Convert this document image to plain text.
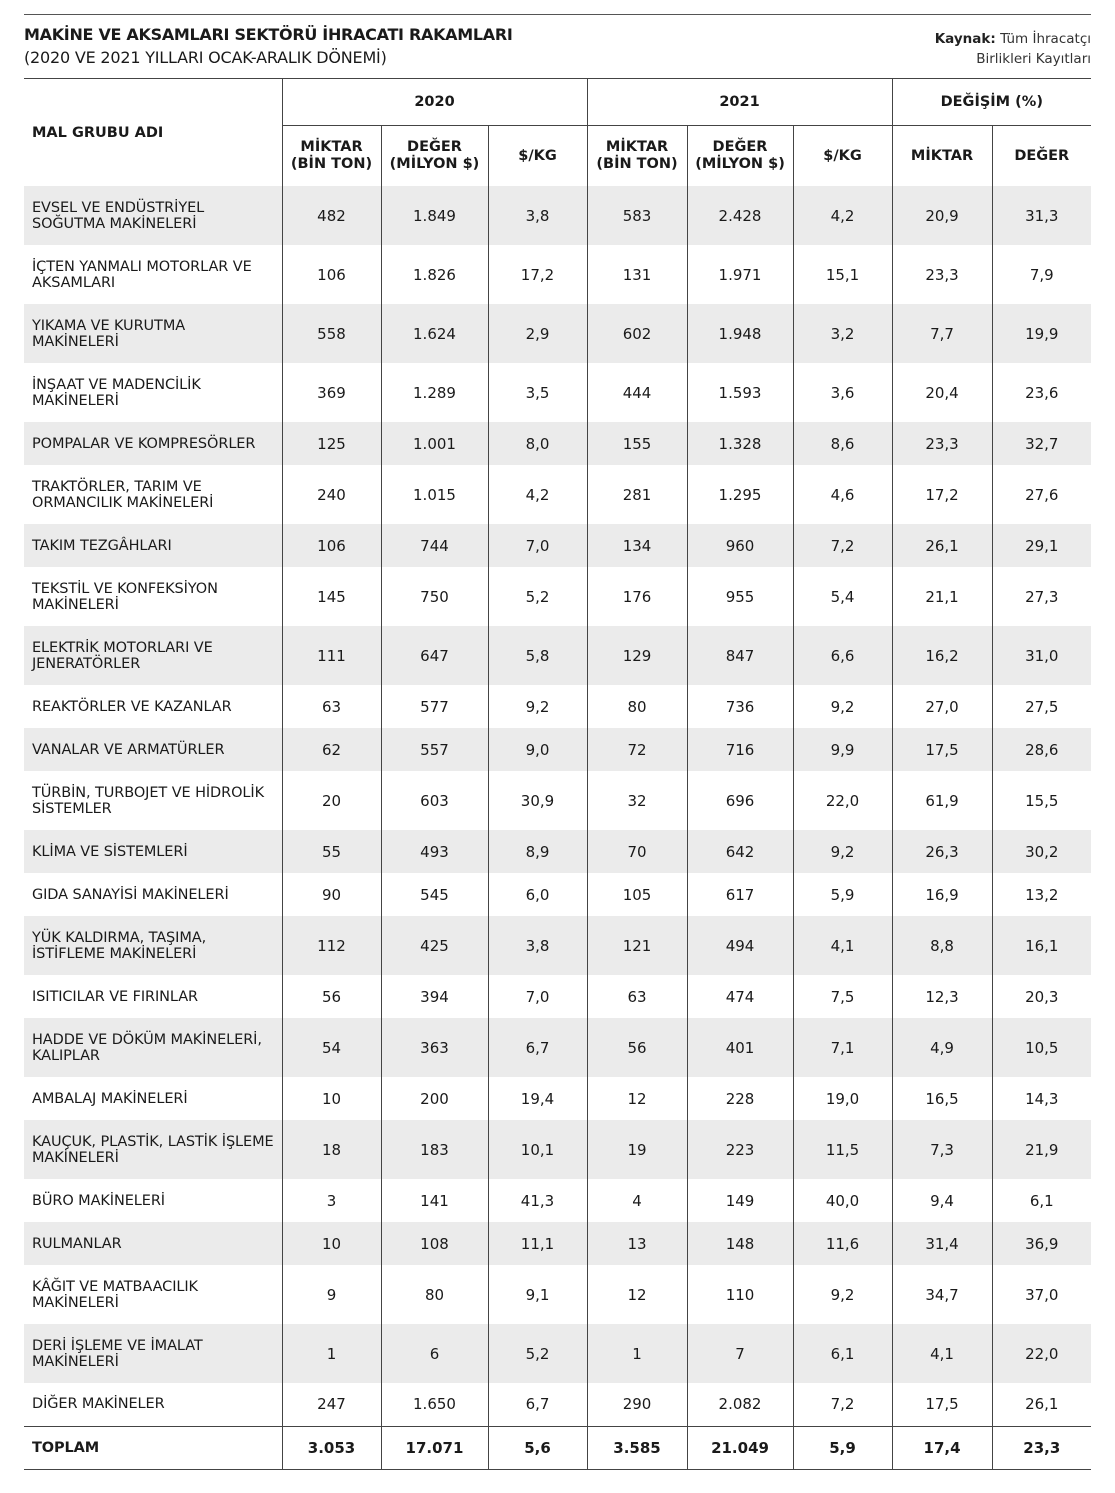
MAKİNE VE AKSAMLARI SEKTÖRÜ İHRACATI RAKAMLARI
(2020 VE 2021 YILLARI OCAK-ARALIK DÖNEMİ)
Kaynak: Tüm İhracatçı
Birlikleri Kayıtları
MAL GRUBU ADI	2020			2021			DEĞİŞİM (%)	
	MİKTAR
(BİN TON)	DEĞER
(MİLYON $)	$/KG	MİKTAR
(BİN TON)	DEĞER
(MİLYON $)	$/KG	MİKTAR	DEĞER
EVSEL VE ENDÜSTRİYEL
SOĞUTMA MAKİNELERİ	482	1.849	3,8	583	2.428	4,2	20,9	31,3
İÇTEN YANMALI MOTORLAR VE
AKSAMLARI	106	1.826	17,2	131	1.971	15,1	23,3	7,9
YIKAMA VE KURUTMA
MAKİNELERİ	558	1.624	2,9	602	1.948	3,2	7,7	19,9
İNŞAAT VE MADENCİLİK
MAKİNELERİ	369	1.289	3,5	444	1.593	3,6	20,4	23,6
POMPALAR VE KOMPRESÖRLER	125	1.001	8,0	155	1.328	8,6	23,3	32,7
TRAKTÖRLER, TARIM VE
ORMANCILIK MAKİNELERİ	240	1.015	4,2	281	1.295	4,6	17,2	27,6
TAKIM TEZGÂHLARI	106	744	7,0	134	960	7,2	26,1	29,1
TEKSTİL VE KONFEKSİYON
MAKİNELERİ	145	750	5,2	176	955	5,4	21,1	27,3
ELEKTRİK MOTORLARI VE
JENERATÖRLER	111	647	5,8	129	847	6,6	16,2	31,0
REAKTÖRLER VE KAZANLAR	63	577	9,2	80	736	9,2	27,0	27,5
VANALAR VE ARMATÜRLER	62	557	9,0	72	716	9,9	17,5	28,6
TÜRBİN, TURBOJET VE HİDROLİK
SİSTEMLER	20	603	30,9	32	696	22,0	61,9	15,5
KLİMA VE SİSTEMLERİ	55	493	8,9	70	642	9,2	26,3	30,2
GIDA SANAYİSİ MAKİNELERİ	90	545	6,0	105	617	5,9	16,9	13,2
YÜK KALDIRMA, TAŞIMA,
İSTİFLEME MAKİNELERİ	112	425	3,8	121	494	4,1	8,8	16,1
ISITICILAR VE FIRINLAR	56	394	7,0	63	474	7,5	12,3	20,3
HADDE VE DÖKÜM MAKİNELERİ,
KALIPLAR	54	363	6,7	56	401	7,1	4,9	10,5
AMBALAJ MAKİNELERİ	10	200	19,4	12	228	19,0	16,5	14,3
KAUÇUK, PLASTİK, LASTİK İŞLEME
MAKİNELERİ	18	183	10,1	19	223	11,5	7,3	21,9
BÜRO MAKİNELERİ	3	141	41,3	4	149	40,0	9,4	6,1
RULMANLAR	10	108	11,1	13	148	11,6	31,4	36,9
KÂĞIT VE MATBAACILIK
MAKİNELERİ	9	80	9,1	12	110	9,2	34,7	37,0
DERİ İŞLEME VE İMALAT
MAKİNELERİ	1	6	5,2	1	7	6,1	4,1	22,0
DİĞER MAKİNELER	247	1.650	6,7	290	2.082	7,2	17,5	26,1
TOPLAM	3.053	17.071	5,6	3.585	21.049	5,9	17,4	23,3
